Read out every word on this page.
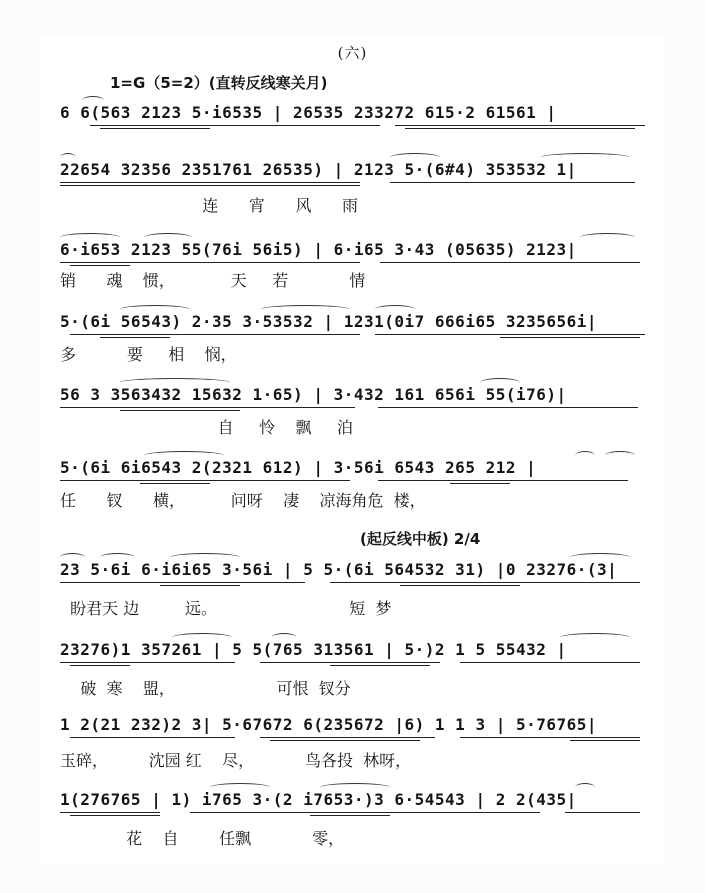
(六)
1=G（5=2）(直转反线寒关月)
6 6(563 2123 5·i6535 | 26535 233272 615·2 61561 |
22654 32356 2351761 26535) | 2123 5·(6#4) 353532 1|
连      宵      风      雨
6·i653 2123 55(76i 56i5) | 6·i65 3·43 (05635) 2123|
销      魂    惯，           天     若            情
5·(6i 56543) 2·35 3·53532 | 1231(0i7 666i65 3235656i|
多          要     相    悯，
56 3 3563432 15632 1·65) | 3·432 161 656i 55(i76)|
自     怜    飘     泊
5·(6i 6i6543 2(2321 612) | 3·56i 6543 265 212 |
任      钗      横，         问呀    凄    凉海角危  楼，
(起反线中板) 2/4
23 5·6i 6·i6i65 3·56i | 5 5·(6i 564532 31) |0 23276·(3|
盼君天 边         远。                          短  梦
23276)1 357261 | 5 5(765 313561 | 5·)2 1 5 55432 |
破  寒    盟，                    可恨  钗分
1 2(21 232)2 3| 5·67672 6(235672 |6) 1 1 3 | 5·76765|
玉碎，        沈园 红    尽，          鸟各投  林呀，
1(276765 | 1) i765 3·(2 i7653·)3 6·54543 | 2 2(435|
花    自        任飘            零，
